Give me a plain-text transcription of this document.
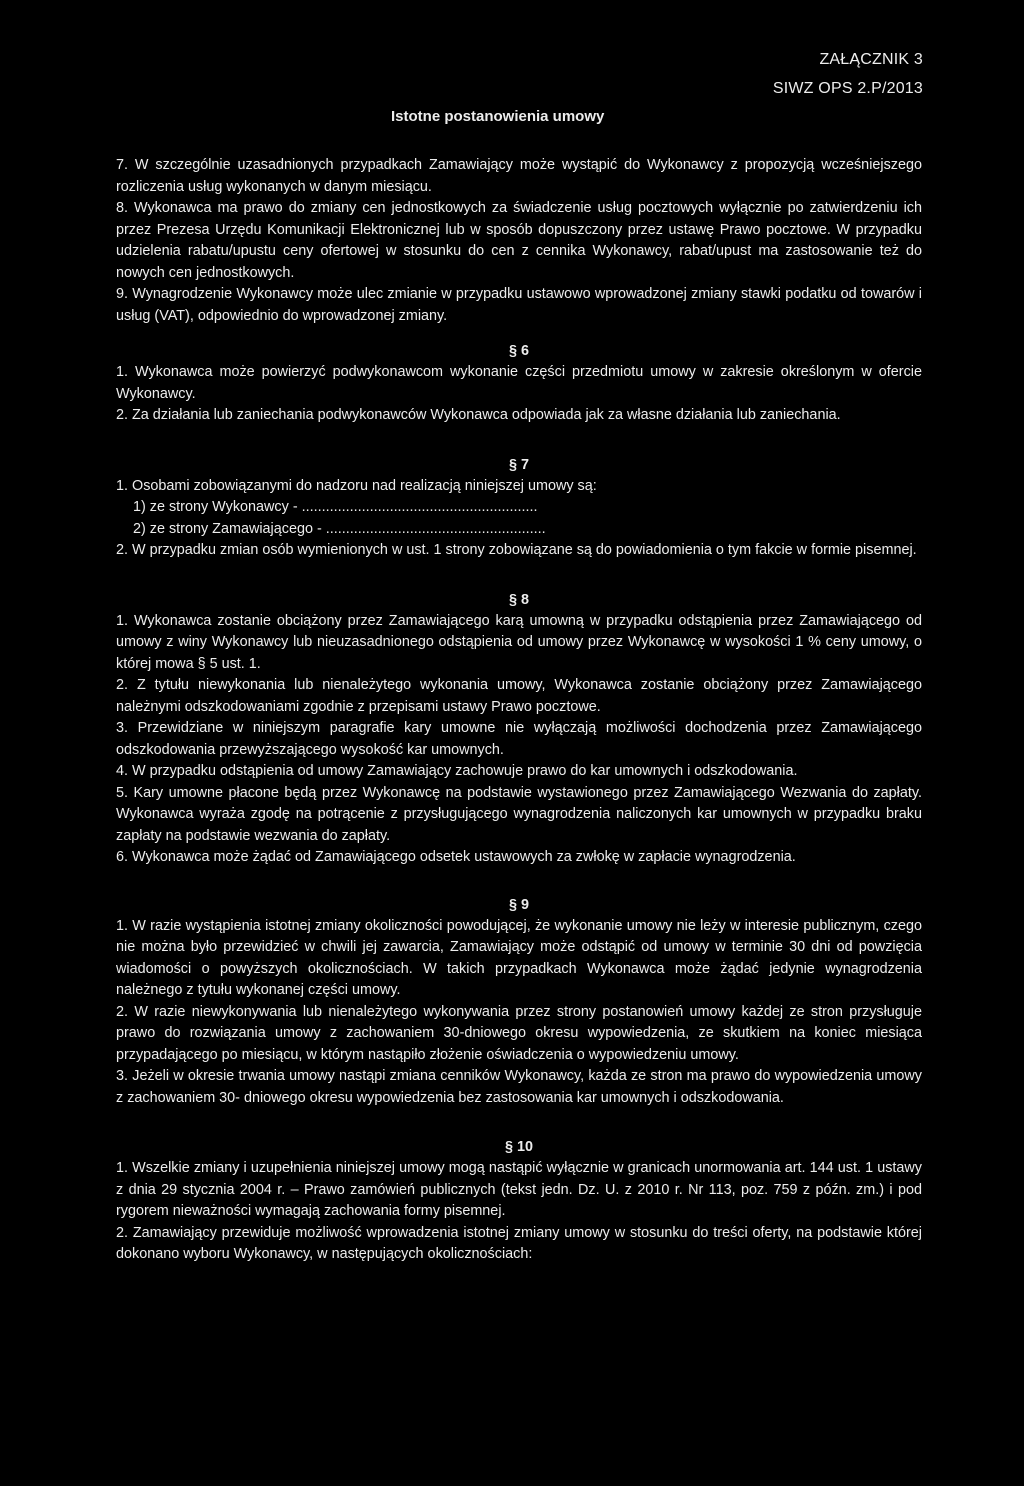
ZAŁĄCZNIK 3
SIWZ OPS 2.P/2013
Istotne postanowienia umowy

7. W szczególnie uzasadnionych przypadkach Zamawiający może wystąpić do Wykonawcy z propozycją wcześniejszego rozliczenia usług wykonanych w danym miesiącu.

8. Wykonawca ma prawo do zmiany cen jednostkowych za świadczenie usług pocztowych wyłącznie po zatwierdzeniu ich przez Prezesa Urzędu Komunikacji Elektronicznej lub w sposób dopuszczony przez ustawę Prawo pocztowe. W przypadku udzielenia rabatu/upustu ceny ofertowej w stosunku do cen z cennika Wykonawcy, rabat/upust ma zastosowanie też do nowych cen jednostkowych.

9. Wynagrodzenie Wykonawcy może ulec zmianie w przypadku ustawowo wprowadzonej zmiany stawki podatku od towarów i usług (VAT), odpowiednio do wprowadzonej zmiany.

§ 6

1. Wykonawca może powierzyć podwykonawcom wykonanie części przedmiotu umowy w zakresie określonym w ofercie Wykonawcy.

2. Za działania lub zaniechania podwykonawców Wykonawca odpowiada jak za własne działania lub zaniechania.

§ 7

1. Osobami zobowiązanymi do nadzoru nad realizacją niniejszej umowy są:

1) ze strony Wykonawcy - ...........................................................

2) ze strony Zamawiającego - .......................................................

2. W przypadku zmian osób wymienionych w ust. 1 strony zobowiązane są do powiadomienia o tym fakcie w formie pisemnej.

§ 8

1. Wykonawca zostanie obciążony przez Zamawiającego karą umowną w przypadku odstąpienia przez Zamawiającego od umowy z winy Wykonawcy lub nieuzasadnionego odstąpienia od umowy przez Wykonawcę w wysokości 1 % ceny umowy, o której mowa § 5 ust. 1.

2. Z tytułu niewykonania lub nienależytego wykonania umowy, Wykonawca zostanie obciążony przez Zamawiającego należnymi odszkodowaniami zgodnie z przepisami ustawy Prawo pocztowe.

3. Przewidziane w niniejszym paragrafie kary umowne nie wyłączają możliwości dochodzenia przez Zamawiającego odszkodowania przewyższającego wysokość kar umownych.

4. W przypadku odstąpienia od umowy Zamawiający zachowuje prawo do kar umownych i odszkodowania.

5. Kary umowne płacone będą przez Wykonawcę na podstawie wystawionego przez Zamawiającego Wezwania do zapłaty. Wykonawca wyraża zgodę na potrącenie z przysługującego wynagrodzenia naliczonych kar umownych w przypadku braku zapłaty na podstawie wezwania do zapłaty.

6. Wykonawca może żądać od Zamawiającego odsetek ustawowych za zwłokę w zapłacie wynagrodzenia.

§ 9

1. W razie wystąpienia istotnej zmiany okoliczności powodującej, że wykonanie umowy nie leży w interesie publicznym, czego nie można było przewidzieć w chwili jej zawarcia, Zamawiający może odstąpić od umowy w terminie 30 dni od powzięcia wiadomości o powyższych okolicznościach. W takich przypadkach Wykonawca może żądać jedynie wynagrodzenia należnego z tytułu wykonanej części umowy.

2. W razie niewykonywania lub nienależytego wykonywania przez strony postanowień umowy każdej ze stron przysługuje prawo do rozwiązania umowy z zachowaniem 30-dniowego okresu wypowiedzenia, ze skutkiem na koniec miesiąca przypadającego po miesiącu, w którym nastąpiło złożenie oświadczenia o wypowiedzeniu umowy.

3. Jeżeli w okresie trwania umowy nastąpi zmiana cenników Wykonawcy, każda ze stron ma prawo do wypowiedzenia umowy z zachowaniem 30- dniowego okresu wypowiedzenia bez zastosowania kar umownych i odszkodowania.

§ 10

1. Wszelkie zmiany i uzupełnienia niniejszej umowy mogą nastąpić wyłącznie w granicach unormowania art. 144 ust. 1 ustawy z dnia 29 stycznia 2004 r. – Prawo zamówień publicznych (tekst jedn. Dz. U. z 2010 r. Nr 113, poz. 759 z późn. zm.) i pod rygorem nieważności wymagają zachowania formy pisemnej.

2. Zamawiający przewiduje możliwość wprowadzenia istotnej zmiany umowy w stosunku do treści oferty, na podstawie której dokonano wyboru Wykonawcy, w następujących okolicznościach:
